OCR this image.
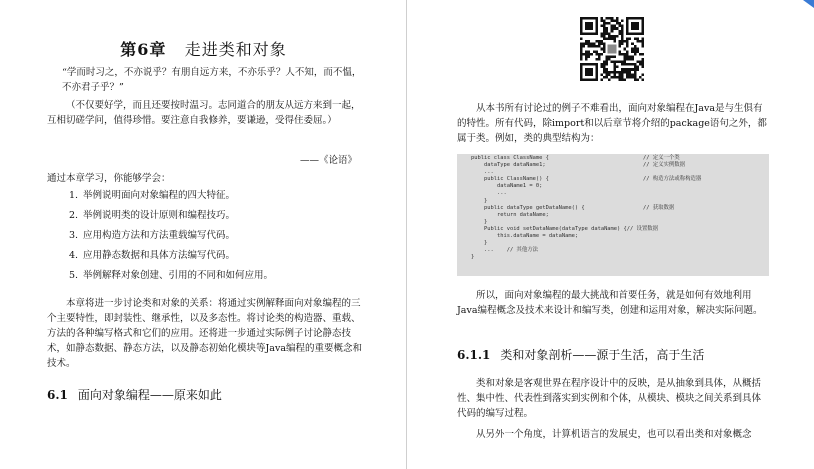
第6章 走进类和对象
“学而时习之，不亦说乎？有朋自远方来，不亦乐乎？人不知，而不愠，不亦君子乎？”
（不仅要好学，而且还要按时温习。志同道合的朋友从远方来到一起，互相切磋学问，值得珍惜。要注意自我修养，要谦逊，受得住委屈。）
——《论语》
通过本章学习，你能够学会：
1. 举例说明面向对象编程的四大特征。
2. 举例说明类的设计原则和编程技巧。
3. 应用构造方法和方法重载编写代码。
4. 应用静态数据和具体方法编写代码。
5. 举例解释对象创建、引用的不同和如何应用。

本章将进一步讨论类和对象的关系：将通过实例解释面向对象编程的三个主要特性，即封装性、继承性，以及多态性。将讨论类的构造器、重载、方法的各种编写格式和它们的应用。还将进一步通过实际例子讨论静态技术，如静态数据、静态方法，以及静态初始化模块等Java编程的重要概念和技术。

6.1 面向对象编程——原来如此

从本书所有讨论过的例子不难看出，面向对象编程在Java是与生俱有的特性。所有代码，除import和以后章节将介绍的package语句之外，都属于类。例如，类的典型结构为：

public class ClassName {                             // 定义一个类
dataType dataName1;                              // 定义实例数据
...
public ClassName() {                             // 构造方法或称构造器
dataName1 = 0;
...
}
public dataType getDataName() {                  // 获取数据
return dataName;
}
Public void setDataName(dataType dataName) {// 设置数据
this.dataName = dataName;
}
...    // 其他方法
}

所以，面向对象编程的最大挑战和首要任务，就是如何有效地利用Java编程概念及技术来设计和编写类，创建和运用对象，解决实际问题。

6.1.1 类和对象剖析——源于生活，高于生活

类和对象是客观世界在程序设计中的反映，是从抽象到具体，从概括性、集中性、代表性到落实到实例和个体，从模块、模块之间关系到具体代码的编写过程。

从另外一个角度，计算机语言的发展史，也可以看出类和对象概念
